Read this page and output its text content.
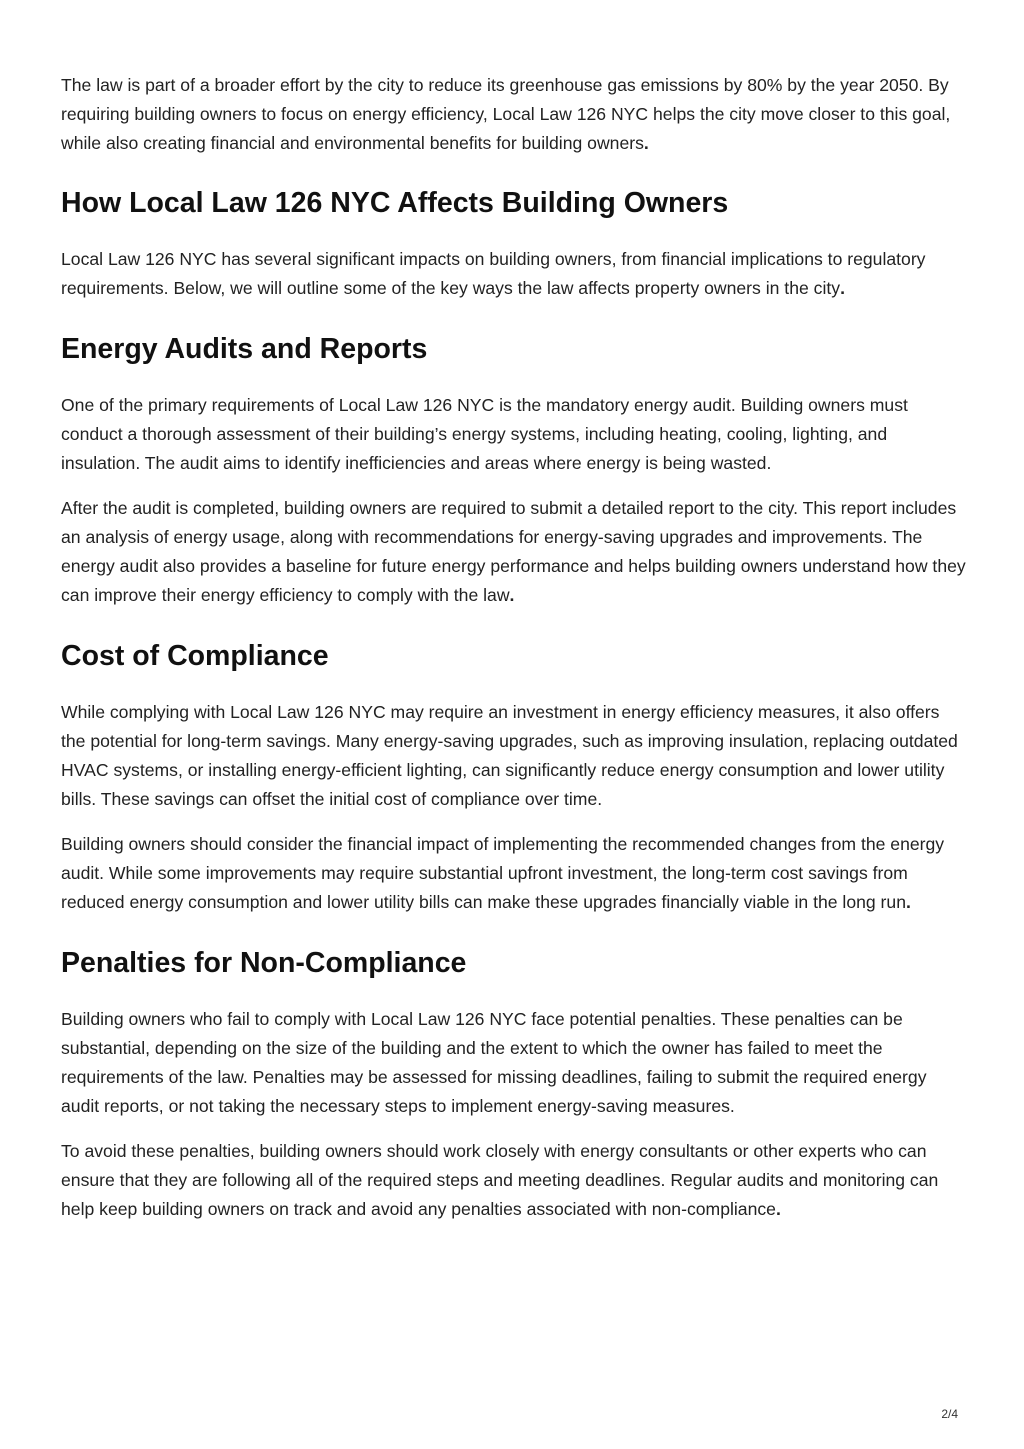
The law is part of a broader effort by the city to reduce its greenhouse gas emissions by 80% by the year 2050. By requiring building owners to focus on energy efficiency, Local Law 126 NYC helps the city move closer to this goal, while also creating financial and environmental benefits for building owners.

How Local Law 126 NYC Affects Building Owners

Local Law 126 NYC has several significant impacts on building owners, from financial implications to regulatory requirements. Below, we will outline some of the key ways the law affects property owners in the city.

Energy Audits and Reports

One of the primary requirements of Local Law 126 NYC is the mandatory energy audit. Building owners must conduct a thorough assessment of their building’s energy systems, including heating, cooling, lighting, and insulation. The audit aims to identify inefficiencies and areas where energy is being wasted.

After the audit is completed, building owners are required to submit a detailed report to the city. This report includes an analysis of energy usage, along with recommendations for energy-saving upgrades and improvements. The energy audit also provides a baseline for future energy performance and helps building owners understand how they can improve their energy efficiency to comply with the law.

Cost of Compliance

While complying with Local Law 126 NYC may require an investment in energy efficiency measures, it also offers the potential for long-term savings. Many energy-saving upgrades, such as improving insulation, replacing outdated HVAC systems, or installing energy-efficient lighting, can significantly reduce energy consumption and lower utility bills. These savings can offset the initial cost of compliance over time.

Building owners should consider the financial impact of implementing the recommended changes from the energy audit. While some improvements may require substantial upfront investment, the long-term cost savings from reduced energy consumption and lower utility bills can make these upgrades financially viable in the long run.

Penalties for Non-Compliance

Building owners who fail to comply with Local Law 126 NYC face potential penalties. These penalties can be substantial, depending on the size of the building and the extent to which the owner has failed to meet the requirements of the law. Penalties may be assessed for missing deadlines, failing to submit the required energy audit reports, or not taking the necessary steps to implement energy-saving measures.

To avoid these penalties, building owners should work closely with energy consultants or other experts who can ensure that they are following all of the required steps and meeting deadlines. Regular audits and monitoring can help keep building owners on track and avoid any penalties associated with non-compliance.

2/4
